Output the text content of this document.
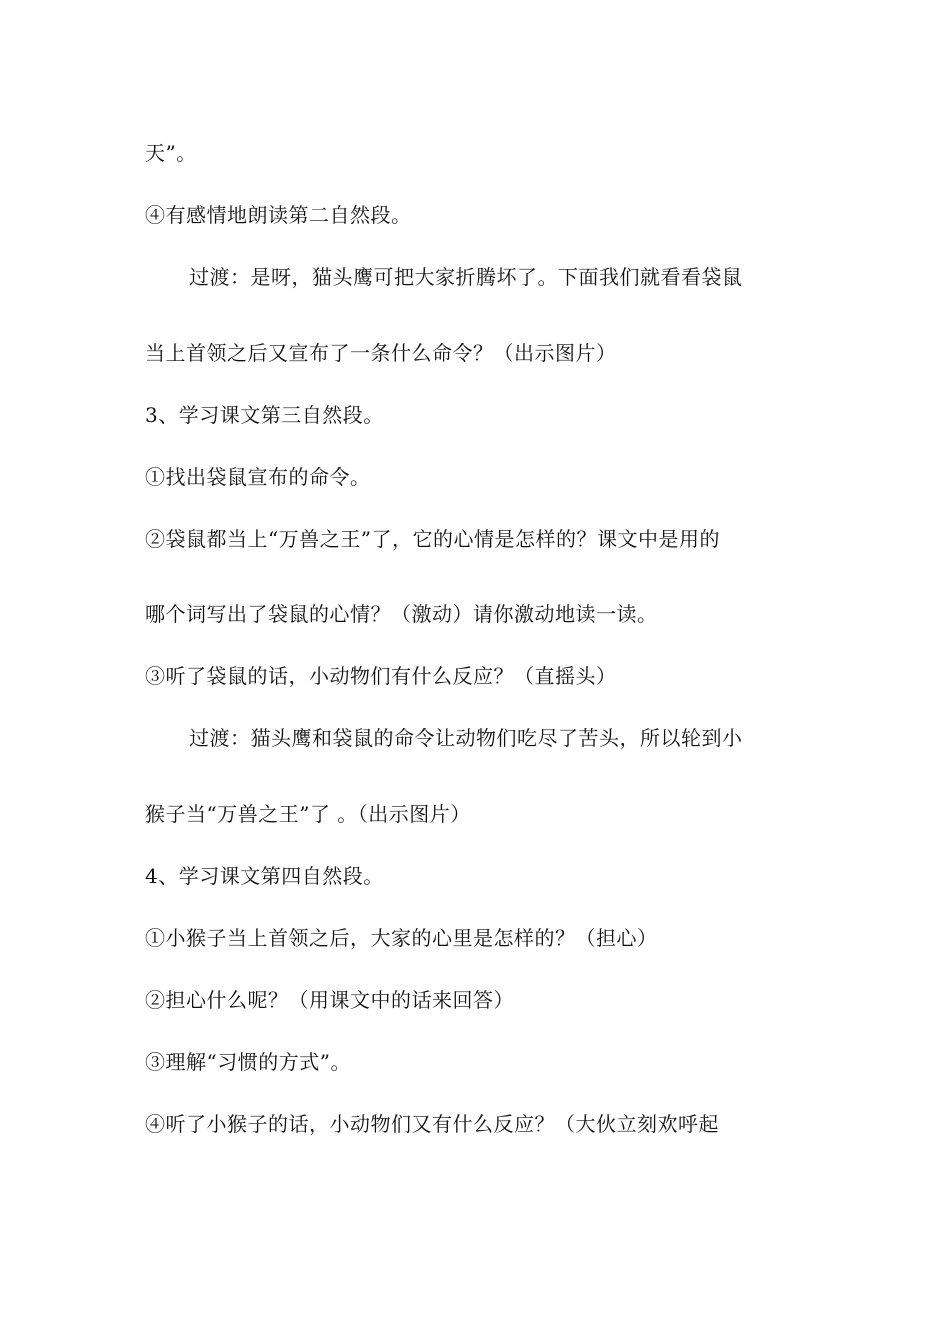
天”。
④有感情地朗读第二自然段。
过渡：是呀，猫头鹰可把大家折腾坏了。下面我们就看看袋鼠
当上首领之后又宣布了一条什么命令？（出示图片）
3、学习课文第三自然段。
①找出袋鼠宣布的命令。
②袋鼠都当上“万兽之王”了，它的心情是怎样的？课文中是用的
哪个词写出了袋鼠的心情？（激动）请你激动地读一读。
③听了袋鼠的话，小动物们有什么反应？（直摇头）
过渡：猫头鹰和袋鼠的命令让动物们吃尽了苦头，所以轮到小
猴子当“万兽之王”了 。（出示图片）
4、学习课文第四自然段。
①小猴子当上首领之后，大家的心里是怎样的？（担心）
②担心什么呢？（用课文中的话来回答）
③理解“习惯的方式”。
④听了小猴子的话，小动物们又有什么反应？（大伙立刻欢呼起
